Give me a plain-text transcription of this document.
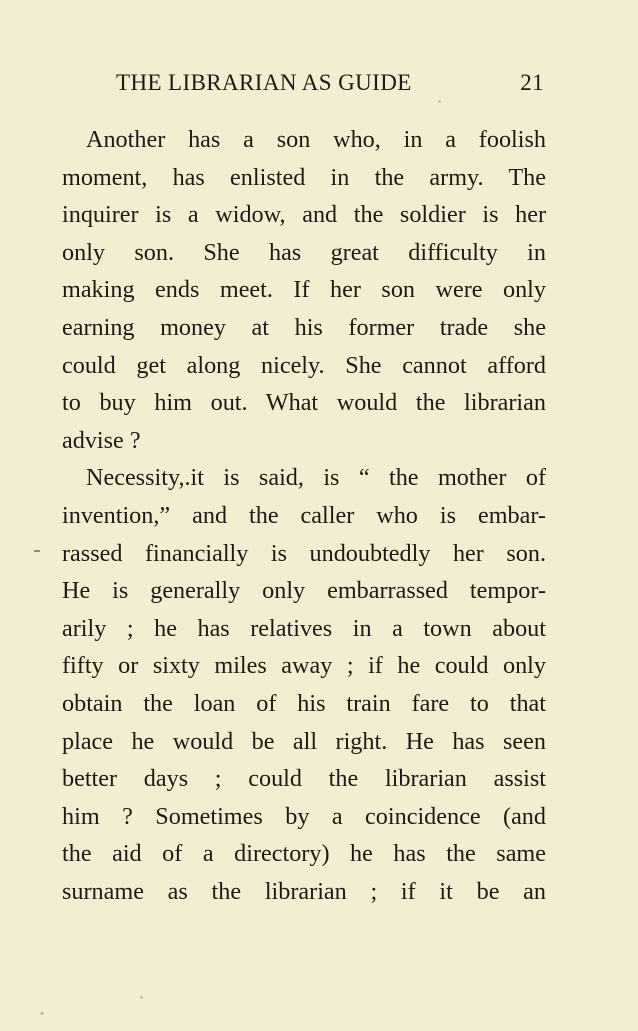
THE LIBRARIAN AS GUIDE	21
Another has a son who, in a foolish
moment, has enlisted in the army. The
inquirer is a widow, and the soldier is her
only son. She has great difficulty in
making ends meet. If her son were only
earning money at his former trade she
could get along nicely. She cannot afford
to buy him out. What would the librarian
advise ?
Necessity,.it is said, is “ the mother of
invention,” and the caller who is embar-
rassed financially is undoubtedly her son.
He is generally only embarrassed tempor-
arily ; he has relatives in a town about
fifty or sixty miles away ; if he could only
obtain the loan of his train fare to that
place he would be all right. He has seen
better days ; could the librarian assist
him ? Sometimes by a coincidence (and
the aid of a directory) he has the same
surname as the librarian ; if it be an
